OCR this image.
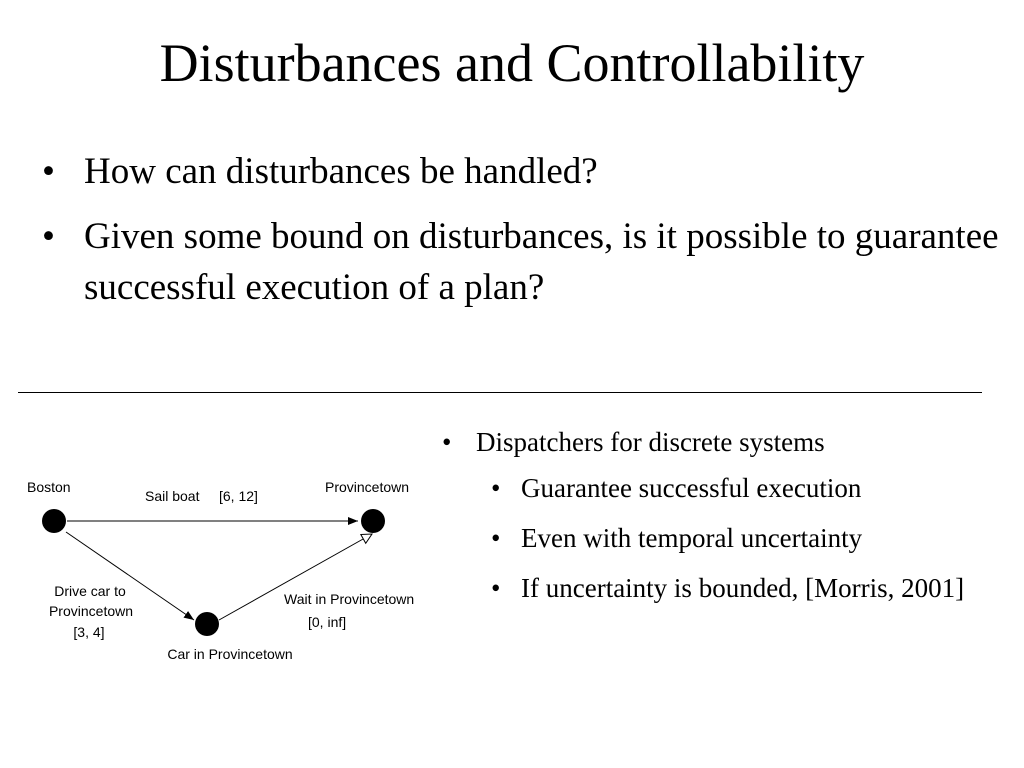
Disturbances and Controllability
• How can disturbances be handled?
• Given some bound on disturbances, is it possible to guarantee successful execution of a plan?
• Dispatchers for discrete systems
• Guarantee successful execution
• Even with temporal uncertainty
• If uncertainty is bounded, [Morris, 2001]
Boston	Provincetown
Car in Provincetown
Sail boat [6, 12]
Drive car to
Provincetown
[3, 4]
Wait in Provincetown
[0, inf]
